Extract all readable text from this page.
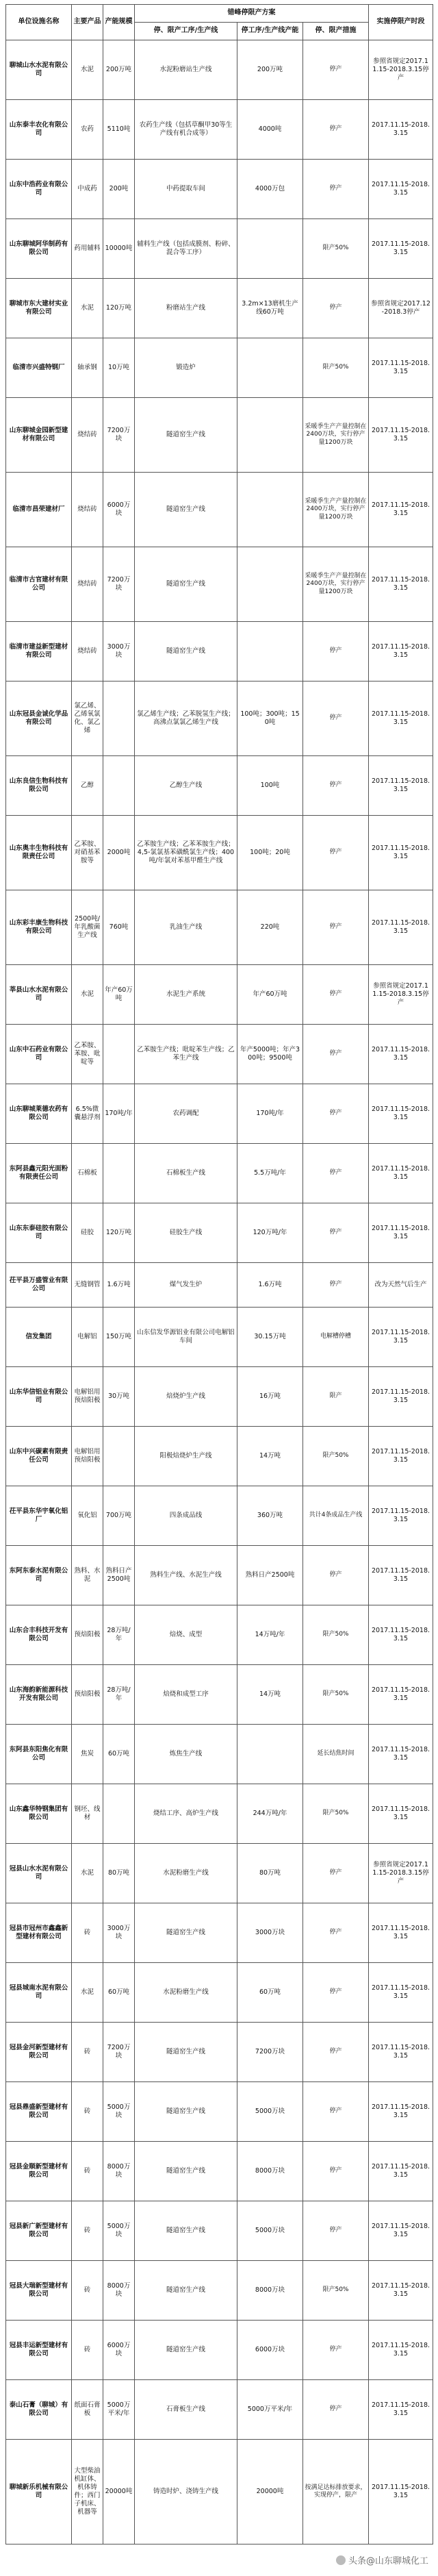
单位设施名称	主要产品	产能规模	错峰停限产方案			实施停限产时段
			停、限产工序/生产线	停工序/生产线产能	停、限产措施	
聊城山水水泥有限公司	水泥	200万吨	水泥粉磨站生产线	200万吨	停产	参照省规定2017.11.15-2018.3.15停产
山东泰丰农化有限公司	农药	5110吨	农药生产线（包括草酮甲30等生产线有机合成等）	4000吨	停产	2017.11.15-2018.3.15
山东中浩药业有限公司	中成药	200吨	中药提取车间	4000万包	停产	2017.11.15-2018.3.15
山东聊城阿华制药有限公司	药用辅料	10000吨	辅料生产线（包括成膜剂、粉碎、混合等工序）		限产50%	2017.11.15-2018.3.15
聊城市东大建材实业有限公司	水泥	120万吨	粉磨站生产线	3.2m×13磨机生产线60万吨	停产	参照省规定2017.12-2018.3停产
临清市兴盛特钢厂	轴承钢	10万吨	锻造炉		限产50%	2017.11.15-2018.3.15
山东聊城金园新型建材有限公司	烧结砖	7200万块	隧道窑生产线		采暖季生产产量控制在2400万块，实行停产量1200万块	2017.11.15-2018.3.15
临清市昌荣建材厂	烧结砖	6000万块	隧道窑生产线		采暖季生产产量控制在2400万块，实行停产量1200万块	2017.11.15-2018.3.15
临清市古官建材有限公司	烧结砖	7200万块	隧道窑生产线		采暖季生产产量控制在2400万块，实行停产量1200万块	2017.11.15-2018.3.15
临清市建益新型建材有限公司	烧结砖	3000万块	隧道窑生产线		停产	2017.11.15-2018.3.15
山东冠县金诚化学品有限公司	氯乙烯、乙烯氧氯化、氯乙烯		氯乙烯生产线；乙苯脱氢生产线；高沸点氯氯乙烯生产线	100吨；300吨；150吨	停产	2017.11.15-2018.3.15
山东良信生物科技有限公司	乙醇		乙醇生产线	100吨	停产	2017.11.15-2018.3.15
山东奥丰生物科技有限责任公司	乙苯胺、对硝基苯胺等	2000吨	乙苯胺生产线；乙苯苯胺生产线；4,5-氯氯基苯磺酰氯生产线；400吨/年氯对苯基甲醛生产线	100吨；20吨	停产	2017.11.15-2018.3.15
山东彩丰康生物科技有限公司	2500吨/年乳酸菌生产线	760吨	乳油生产线	220吨	停产	2017.11.15-2018.3.15
莘县山水水泥有限公司	水泥	年产60万吨	水泥生产系统	年产60万吨	停产	参照省规定2017.11.15-2018.3.15停产
山东中石药业有限公司	乙苯胺、苯胺、吡啶等		乙苯胺生产线；吡啶苯生产线；乙苯生产线	年产5000吨；年产300吨；9500吨	停产	2017.11.15-2018.3.15
山东聊城莱德农药有限公司	6.5%微囊悬浮剂	170吨/年	农药调配	170吨/年	停产	2017.11.15-2018.3.15
东阿县鑫元阳光面粉有限责任公司	石棉板		石棉板生产线	5.5万吨/年	停产	2017.11.15-2018.3.15
山东东泰硅胶有限公司	硅胶	120万吨	硅胶生产线	120万吨/年	停产	2017.11.15-2018.3.15
茌平县万盛管业有限公司	无缝钢管	1.6万吨	煤气发生炉	1.6万吨	停产	改为天然气后生产
信发集团	电解铝	150万吨	山东信发华源铝业有限公司电解铝车间	30.15万吨	电解槽停槽	2017.11.15-2018.3.15
山东华信铝业有限公司	电解铝用预焙阳极	30万吨	焙烧炉生产线	16万吨	限产	2017.11.15-2018.3.15
山东中兴碳素有限责任公司	电解铝用预焙阳极		阳极焙烧炉生产线	14万吨	限产50%	2017.11.15-2018.3.15
茌平县东华宇氧化铝厂	氧化铝	700万吨	四条成品线	360万吨	共计4条成品生产线	2017.11.15-2018.3.15
东阿东泰水泥有限公司	熟料、水泥	熟料日产2500吨	熟料生产线、水泥生产线	熟料日产2500吨	停产	2017.11.15-2018.3.15
山东合丰科技开发有限公司	预焙阳极	28万吨/年	焙烧、成型	14万吨/年	限产50%	2017.11.15-2018.3.15
山东海韵新能源科技开发有限公司	预焙阳极	28万吨/年	焙烧和成型工序	14万吨	限产50%	2017.11.15-2018.3.15
东阿县东阳焦化有限公司	焦炭	60万吨	炼焦生产线		延长结焦时间	2017.11.15-2018.3.15
山东鑫华特钢集团有限公司	钢坯、线材		烧结工序、高炉生产线	244万吨/年	限产50%	2017.11.15-2018.3.15
冠县山水水泥有限公司	水泥	80万吨	水泥粉磨生产线	80万吨	停产	参照省规定2017.11.15-2018.3.15停产
冠县市冠州市鑫鑫新型建材有限公司	砖	3000万块	隧道窑生产线	3000万块	停产	2017.11.15-2018.3.15
冠县城南水泥有限公司	水泥	60万吨	水泥粉磨生产线	60万吨	停产	2017.11.15-2018.3.15
冠县金河新型建材有限公司	砖	7200万块	隧道窑生产线	7200万块	停产	2017.11.15-2018.3.15
冠县鼎盛新型建材有限公司	砖	5000万块	隧道窑生产线	5000万块	停产	2017.11.15-2018.3.15
冠县金顺新型建材有限公司	砖	8000万块	隧道窑生产线	8000万块	停产	2017.11.15-2018.3.15
冠县新广新型建材有限公司	砖	5000万块	隧道窑生产线	5000万块	停产	2017.11.15-2018.3.15
冠县大瑞新型建材有限公司	砖	8000万块	隧道窑生产线	8000万块	限产50%	2017.11.15-2018.3.15
冠县丰运新型建材有限公司	砖	6000万块	隧道窑生产线	6000万块	停产	2017.11.15-2018.3.15
泰山石膏（聊城）有限公司	纸面石膏板	5000万平米/年	石膏板生产线	5000万平米/年	停产	2017.11.15-2018.3.15
聊城新乐机械有限公司	大型柴油机缸体、机体铸件；西门子机床、机器等	20000吨	铸造时炉、浇铸生产线	20000吨	按满足达标排放要求，实现停产，限产	2017.11.15-2018.3.15
头条@山东聊城化工
